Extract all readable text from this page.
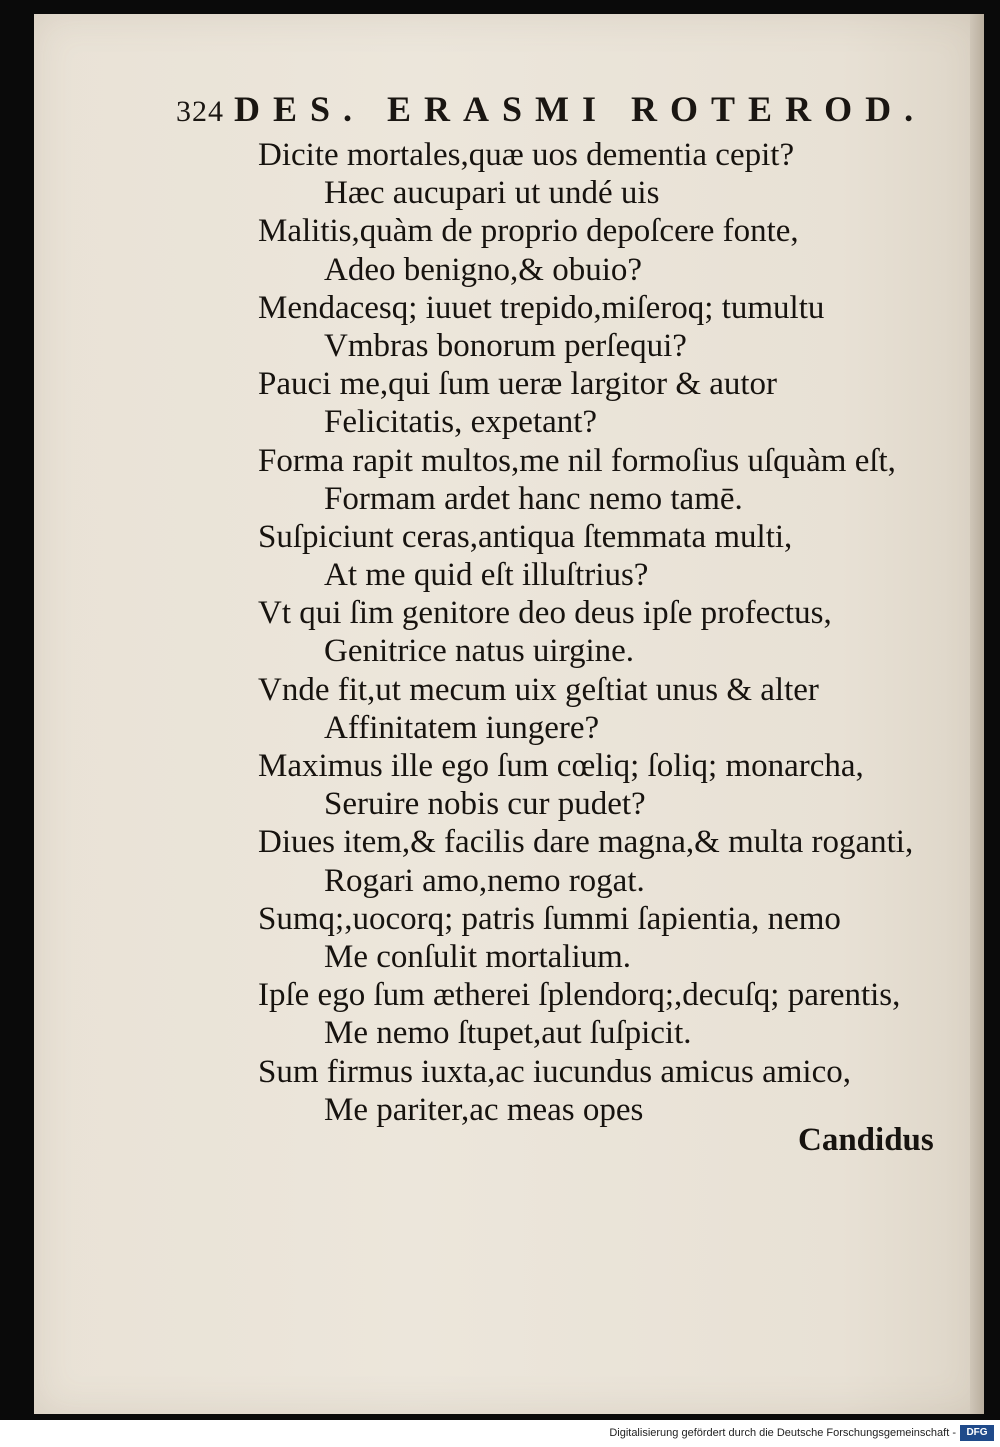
324 DES. ERASMI ROTEROD.
Dicite mortales,quæ uos dementia cepit?
Hæc aucupari ut undé uis
Malitis,quàm de proprio depoſcere fonte,
Adeo benigno,& obuio?
Mendacesq; iuuet trepido,miſeroq; tumultu
Vmbras bonorum perſequi?
Pauci me,qui ſum ueræ largitor & autor
Felicitatis, expetant?
Forma rapit multos,me nil formoſius uſquàm eſt,
Formam ardet hanc nemo tamē.
Suſpiciunt ceras,antiqua ſtemmata multi,
At me quid eſt illuſtrius?
Vt qui ſim genitore deo deus ipſe profectus,
Genitrice natus uirgine.
Vnde fit,ut mecum uix geſtiat unus & alter
Affinitatem iungere?
Maximus ille ego ſum cœliq; ſoliq; monarcha,
Seruire nobis cur pudet?
Diues item,& facilis dare magna,& multa roganti,
Rogari amo,nemo rogat.
Sumq;,uocorq; patris ſummi ſapientia, nemo
Me conſulit mortalium.
Ipſe ego ſum ætherei ſplendorq;,decuſq; parentis,
Me nemo ſtupet,aut ſuſpicit.
Sum firmus iuxta,ac iucundus amicus amico,
Me pariter,ac meas opes
Candidus
Digitalisierung gefördert durch die Deutsche Forschungsgemeinschaft -	DFG
